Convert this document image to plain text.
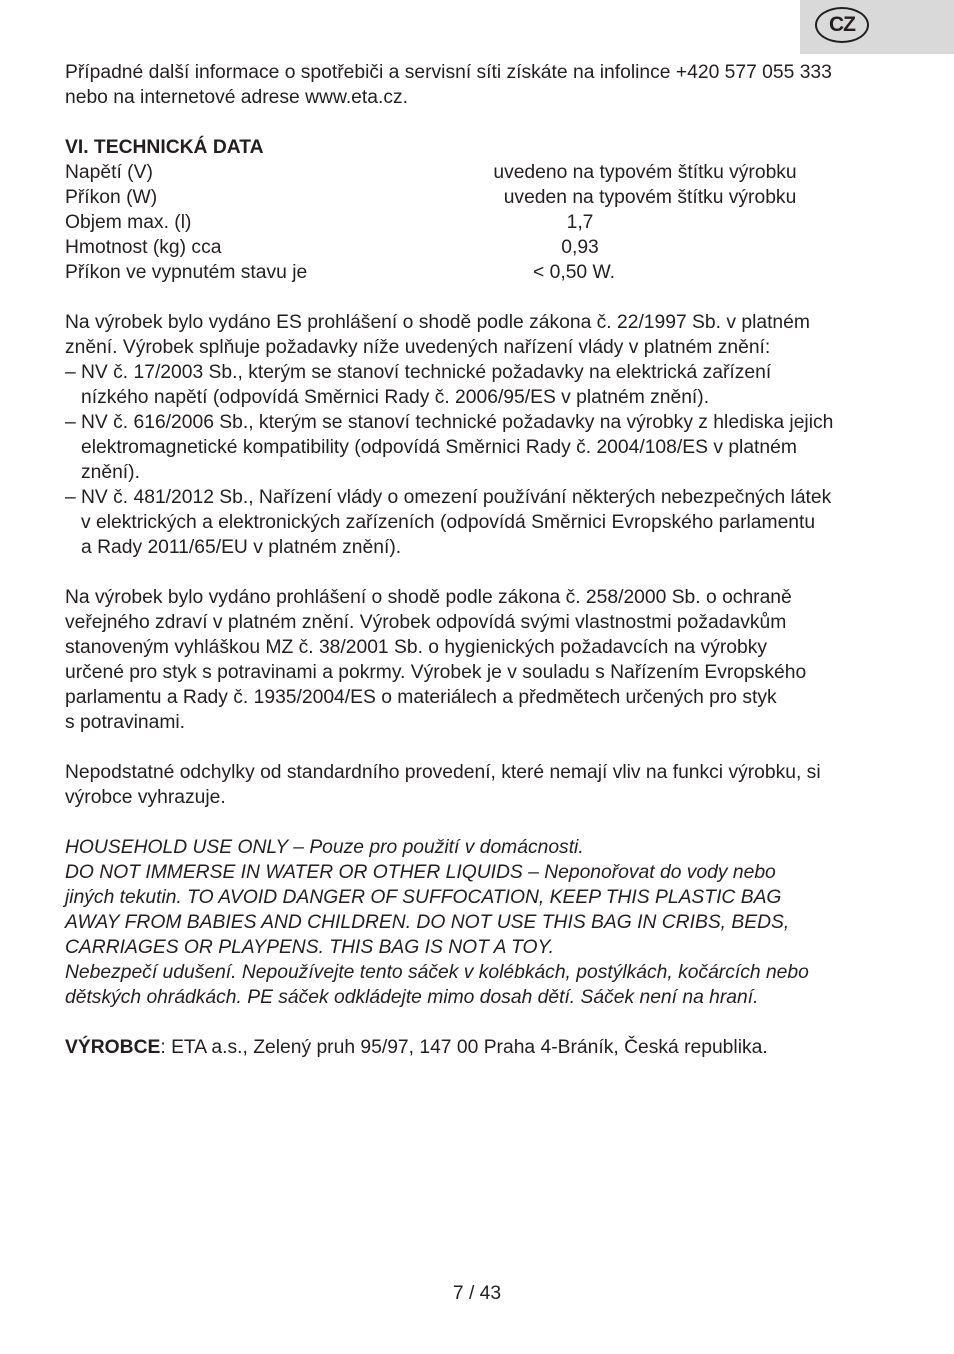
CZ

Případné další informace o spotřebiči a servisní síti získáte na infolince +420 577 055 333

nebo na internetové adrese www.eta.cz.

VI. TECHNICKÁ DATA

Napětí (V)	uvedeno na typovém štítku výrobku
Příkon (W)	uveden na typovém štítku výrobku
Objem max. (l)	1,7
Hmotnost (kg) cca	0,93
Příkon ve vypnutém stavu je	< 0,50 W.

Na výrobek bylo vydáno ES prohlášení o shodě podle zákona č. 22/1997 Sb. v platném

znění. Výrobek splňuje požadavky níže uvedených nařízení vlády v platném znění:

– NV č. 17/2003 Sb., kterým se stanoví technické požadavky na elektrická zařízení

nízkého napětí (odpovídá Směrnici Rady č. 2006/95/ES v platném znění).

– NV č. 616/2006 Sb., kterým se stanoví technické požadavky na výrobky z hlediska jejich

elektromagnetické kompatibility (odpovídá Směrnici Rady č. 2004/108/ES v platném

znění).

– NV č. 481/2012 Sb., Nařízení vlády o omezení používání některých nebezpečných látek

v elektrických a elektronických zařízeních (odpovídá Směrnici Evropského parlamentu

a Rady 2011/65/EU v platném znění).

Na výrobek bylo vydáno prohlášení o shodě podle zákona č. 258/2000 Sb. o ochraně

veřejného zdraví v platném znění. Výrobek odpovídá svými vlastnostmi požadavkům

stanoveným vyhláškou MZ č. 38/2001 Sb. o hygienických požadavcích na výrobky

určené pro styk s potravinami a pokrmy. Výrobek je v souladu s Nařízením Evropského

parlamentu a Rady č. 1935/2004/ES o materiálech a předmětech určených pro styk

s potravinami.

Nepodstatné odchylky od standardního provedení, které nemají vliv na funkci výrobku, si

výrobce vyhrazuje.

HOUSEHOLD USE ONLY – Pouze pro použití v domácnosti.

DO NOT IMMERSE IN WATER OR OTHER LIQUIDS – Neponořovat do vody nebo

jiných tekutin. TO AVOID DANGER OF SUFFOCATION, KEEP THIS PLASTIC BAG

AWAY FROM BABIES AND CHILDREN. DO NOT USE THIS BAG IN CRIBS, BEDS,

CARRIAGES OR PLAYPENS. THIS BAG IS NOT A TOY.

Nebezpečí udušení. Nepoužívejte tento sáček v kolébkách, postýlkách, kočárcích nebo

dětských ohrádkách. PE sáček odkládejte mimo dosah dětí. Sáček není na hraní.

VÝROBCE: ETA a.s., Zelený pruh 95/97, 147 00 Praha 4-Bráník, Česká republika.

7 / 43
